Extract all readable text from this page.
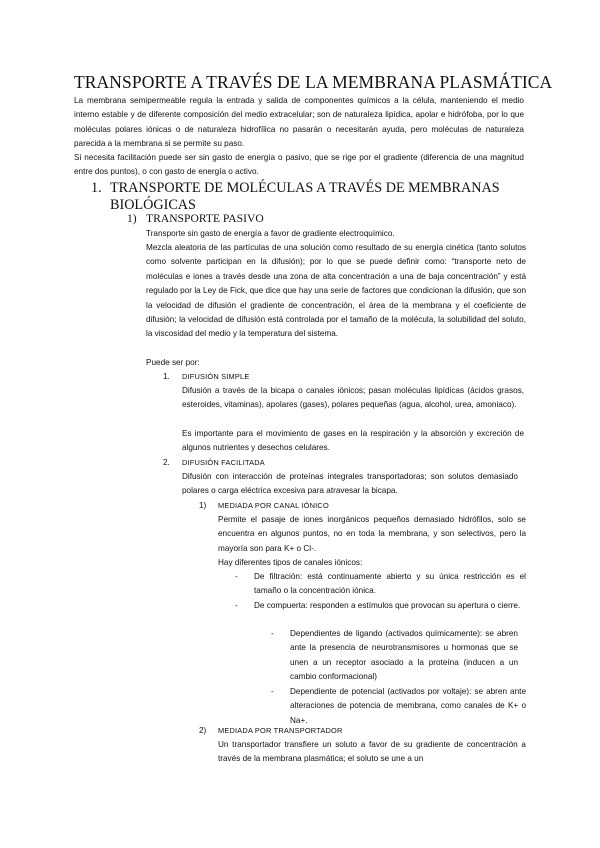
TRANSPORTE A TRAVÉS DE LA MEMBRANA PLASMÁTICA
La membrana semipermeable regula la entrada y salida de componentes químicos a la célula, manteniendo el medio interno estable y de diferente composición del medio extracelular; son de naturaleza lipídica, apolar e hidrófoba, por lo que moléculas polares iónicas o de naturaleza hidrofílica no pasarán o necesitarán ayuda, pero moléculas de naturaleza parecida a la membrana si se permite su paso.
Si necesita facilitación puede ser sin gasto de energía o pasivo, que se rige por el gradiente (diferencia de una magnitud entre dos puntos), o con gasto de energía o activo.
1. TRANSPORTE DE MOLÉCULAS A TRAVÉS DE MEMBRANAS BIOLÓGICAS
1) TRANSPORTE PASIVO
Transporte sin gasto de energía a favor de gradiente electroquímico.
Mezcla aleatoria de las partículas de una solución como resultado de su energía cinética (tanto solutos como solvente participan en la difusión); por lo que se puede definir como: “transporte neto de moléculas e iones a través desde una zona de alta concentración a una de baja concentración” y está regulado por la Ley de Fick, que dice que hay una serie de factores que condicionan la difusión, que son la velocidad de difusión el gradiente de concentración, el área de la membrana y el coeficiente de difusión; la velocidad de difusión está controlada por el tamaño de la molécula, la solubilidad del soluto, la viscosidad del medio y la temperatura del sistema.
Puede ser por:
1. DIFUSIÓN SIMPLE
Difusión a través de la bicapa o canales iónicos; pasan moléculas lipídicas (ácidos grasos, esteroides, vitaminas), apolares (gases), polares pequeñas (agua, alcohol, urea, amoniaco).
Es importante para el movimiento de gases en la respiración y la absorción y excreción de algunos nutrientes y desechos celulares.
2. DIFUSIÓN FACILITADA
Difusión con interacción de proteínas integrales transportadoras; son solutos demasiado polares o carga eléctrica excesiva para atravesar la bicapa.
1) MEDIADA POR CANAL IÓNICO
Permite el pasaje de iones inorgánicos pequeños demasiado hidrófilos, solo se encuentra en algunos puntos, no en toda la membrana, y son selectivos, pero la mayoría son para K+ o Cl-.
Hay diferentes tipos de canales iónicos:
- De filtración: está continuamente abierto y su única restricción es el tamaño o la concentración iónica.
- De compuerta: responden a estímulos que provocan su apertura o cierre.
- Dependientes de ligando (activados químicamente): se abren ante la presencia de neurotransmisores u hormonas que se unen a un receptor asociado a la proteína (inducen a un cambio conformacional)
- Dependiente de potencial (activados por voltaje): se abren ante alteraciones de potencia de membrana, como canales de K+ o Na+.
2) MEDIADA POR TRANSPORTADOR
Un transportador transfiere un soluto a favor de su gradiente de concentración a través de la membrana plasmática; el soluto se une a un
